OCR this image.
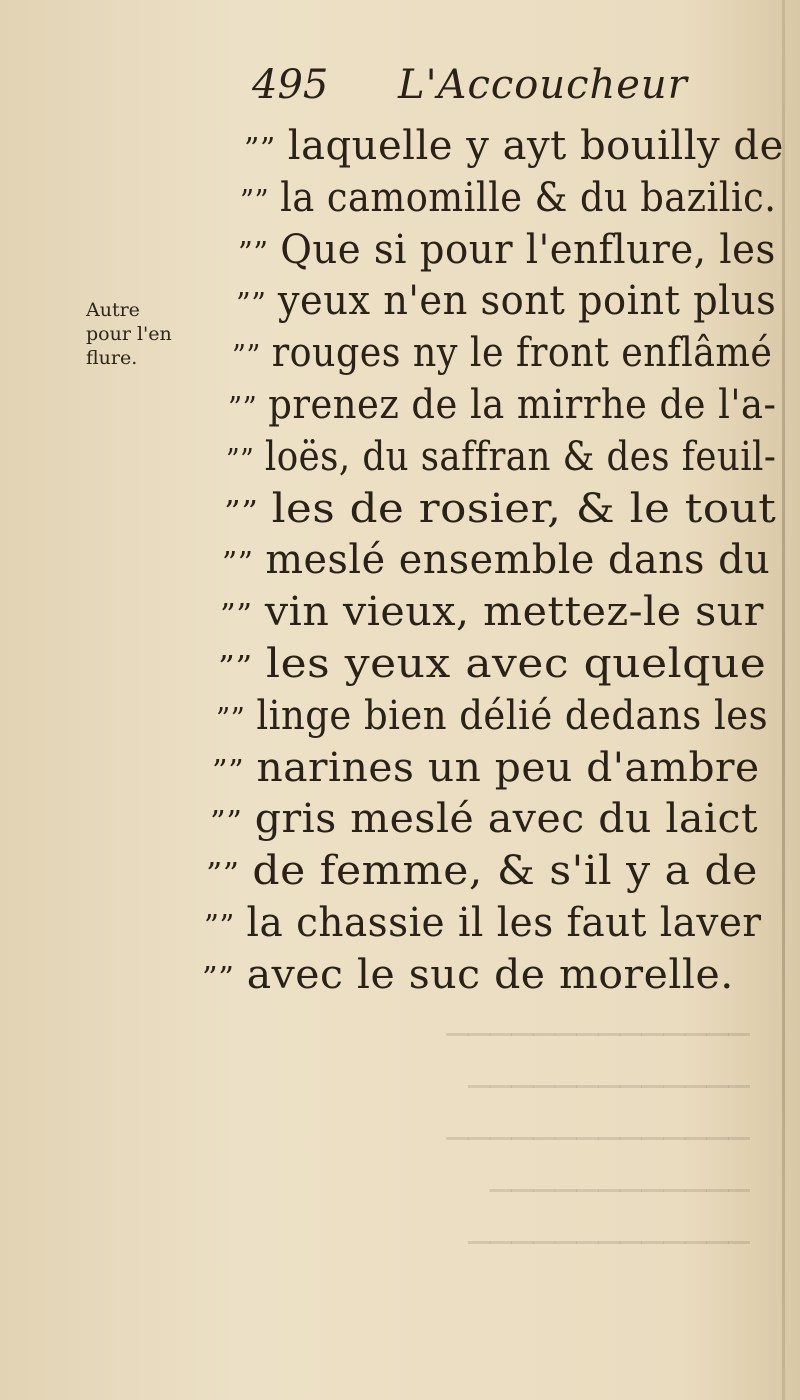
──────────────
─────────────
──────────────
────────────
─────────────
495 L'Accoucheur
Autre
pour l'en
flure.
”” laquelle y ayt bouilly de
”” la camomille & du bazilic.
”” Que si pour l'enflure, les
”” yeux n'en sont point plus
”” rouges ny le front enflâmé
”” prenez de la mirrhe de l'a-
”” loës, du saffran & des feuil-
”” les de rosier, & le tout
”” meslé ensemble dans du
”” vin vieux, mettez-le sur
”” les yeux avec quelque
”” linge bien délié dedans les
”” narines un peu d'ambre
”” gris meslé avec du laict
”” de femme, & s'il y a de
”” la chassie il les faut laver
”” avec le suc de morelle.
